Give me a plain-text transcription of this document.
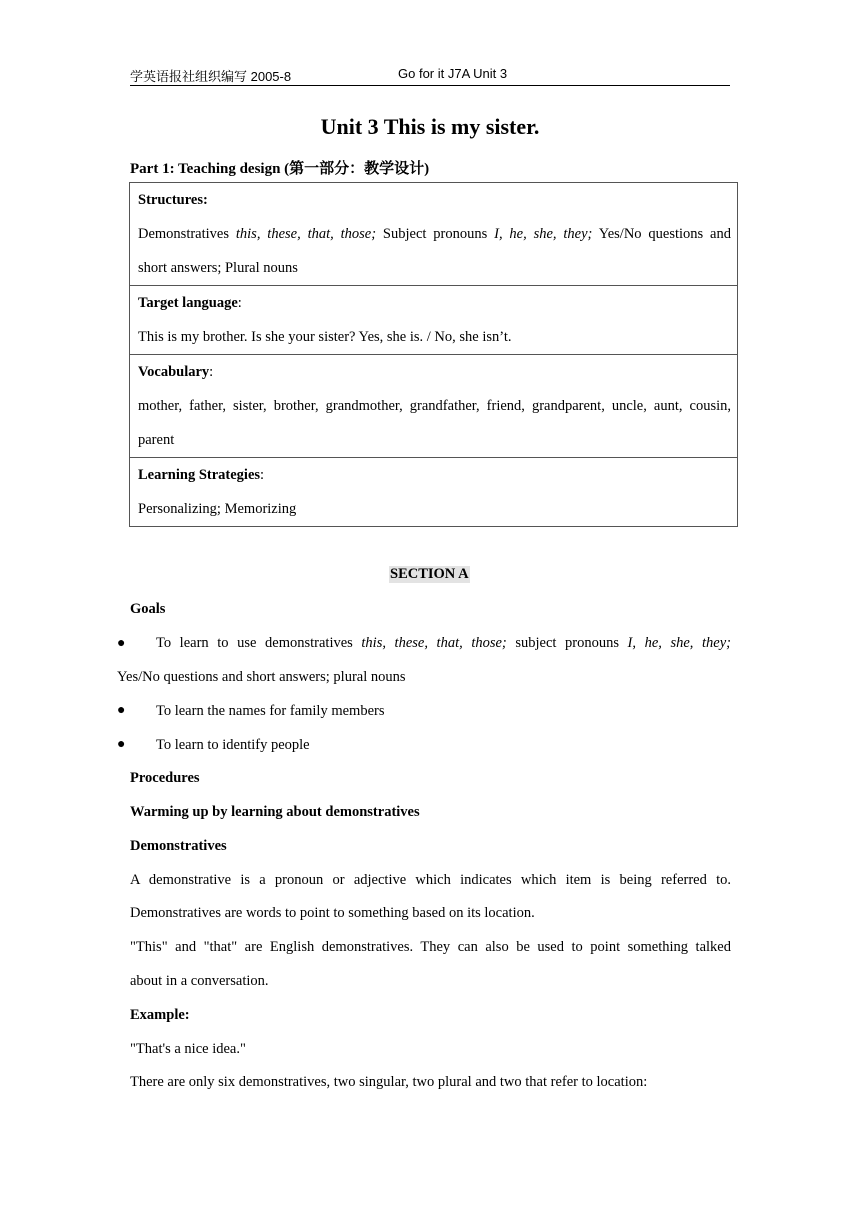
学英语报社组织编写 2005-8	Go for it J7A Unit 3
Unit 3 This is my sister.
Part 1: Teaching design (第一部分：教学设计)
Structures:
Demonstratives this, these, that, those; Subject pronouns I, he, she, they; Yes/No questions and
short answers; Plural nouns
Target language:
This is my brother. Is she your sister? Yes, she is. / No, she isn’t.
Vocabulary:
mother, father, sister, brother, grandmother, grandfather, friend, grandparent, uncle, aunt, cousin,
parent
Learning Strategies:
Personalizing; Memorizing
SECTION A
Goals
● To learn to use demonstratives this, these, that, those; subject pronouns I, he, she, they;
Yes/No questions and short answers; plural nouns
● To learn the names for family members
● To learn to identify people
Procedures
Warming up by learning about demonstratives
Demonstratives
A demonstrative is a pronoun or adjective which indicates which item is being referred to.
Demonstratives are words to point to something based on its location.
"This" and "that" are English demonstratives. They can also be used to point something talked
about in a conversation.
Example:
"That's a nice idea."
There are only six demonstratives, two singular, two plural and two that refer to location:
